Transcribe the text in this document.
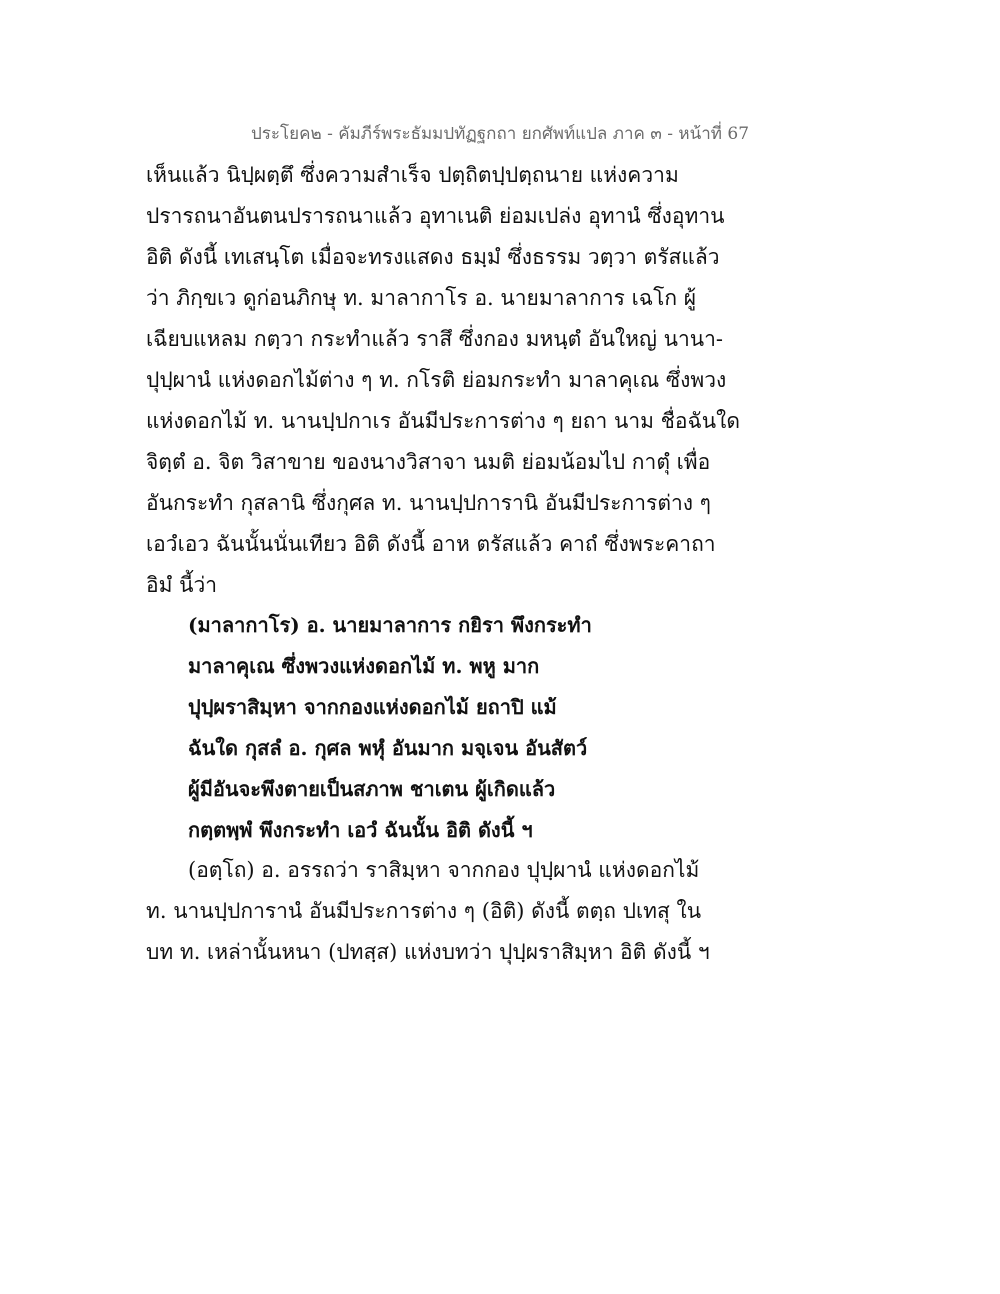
ประโยค๒ - คัมภีร์พระธัมมปทัฏฐกถา ยกศัพท์แปล ภาค ๓ - หน้าที่ 67
เห็นแล้ว นิปฺผตฺตึ ซึ่งความสำเร็จ ปตฺถิตปฺปตฺถนาย แห่งความ
ปรารถนาอันตนปรารถนาแล้ว อุทาเนติ ย่อมเปล่ง อุทานํ ซึ่งอุทาน
อิติ ดังนี้ เทเสนฺโต เมื่อจะทรงแสดง ธมฺมํ ซึ่งธรรม วตฺวา ตรัสแล้ว
ว่า ภิกฺขเว ดูก่อนภิกษุ ท. มาลากาโร อ. นายมาลาการ เฉโก ผู้
เฉียบแหลม กตฺวา กระทำแล้ว ราสึ ซึ่งกอง มหนฺตํ อันใหญ่ นานา-
ปุปฺผานํ แห่งดอกไม้ต่าง ๆ ท. กโรติ ย่อมกระทำ มาลาคุเณ ซึ่งพวง
แห่งดอกไม้ ท. นานปฺปกาเร อันมีประการต่าง ๆ ยถา นาม ชื่อฉันใด
จิตฺตํ อ. จิต วิสาขาย ของนางวิสาจา นมติ ย่อมน้อมไป กาตุํ เพื่อ
อันกระทำ กุสลานิ ซึ่งกุศล ท. นานปฺปการานิ อันมีประการต่าง ๆ
เอวํเอว ฉันนั้นนั่นเทียว อิติ ดังนี้ อาห ตรัสแล้ว คาถํ ซึ่งพระคาถา
อิมํ นี้ว่า
(มาลากาโร) อ. นายมาลาการ กยิรา พึงกระทำ
มาลาคุเณ ซึ่งพวงแห่งดอกไม้ ท. พหู มาก
ปุปฺผราสิมฺหา จากกองแห่งดอกไม้ ยถาปิ แม้
ฉันใด กุสลํ อ. กุศล พหุํ อันมาก มจฺเจน อันสัตว์
ผู้มีอันจะพึงตายเป็นสภาพ ชาเตน ผู้เกิดแล้ว
กตฺตพฺพํ พึงกระทำ เอวํ ฉันนั้น อิติ ดังนี้ ฯ
(อตฺโถ) อ. อรรถว่า ราสิมฺหา จากกอง ปุปฺผานํ แห่งดอกไม้
ท. นานปฺปการานํ อันมีประการต่าง ๆ (อิติ) ดังนี้ ตตฺถ ปเทสุ ใน
บท ท. เหล่านั้นหนา (ปทสฺส) แห่งบทว่า ปุปฺผราสิมฺหา อิติ ดังนี้ ฯ
